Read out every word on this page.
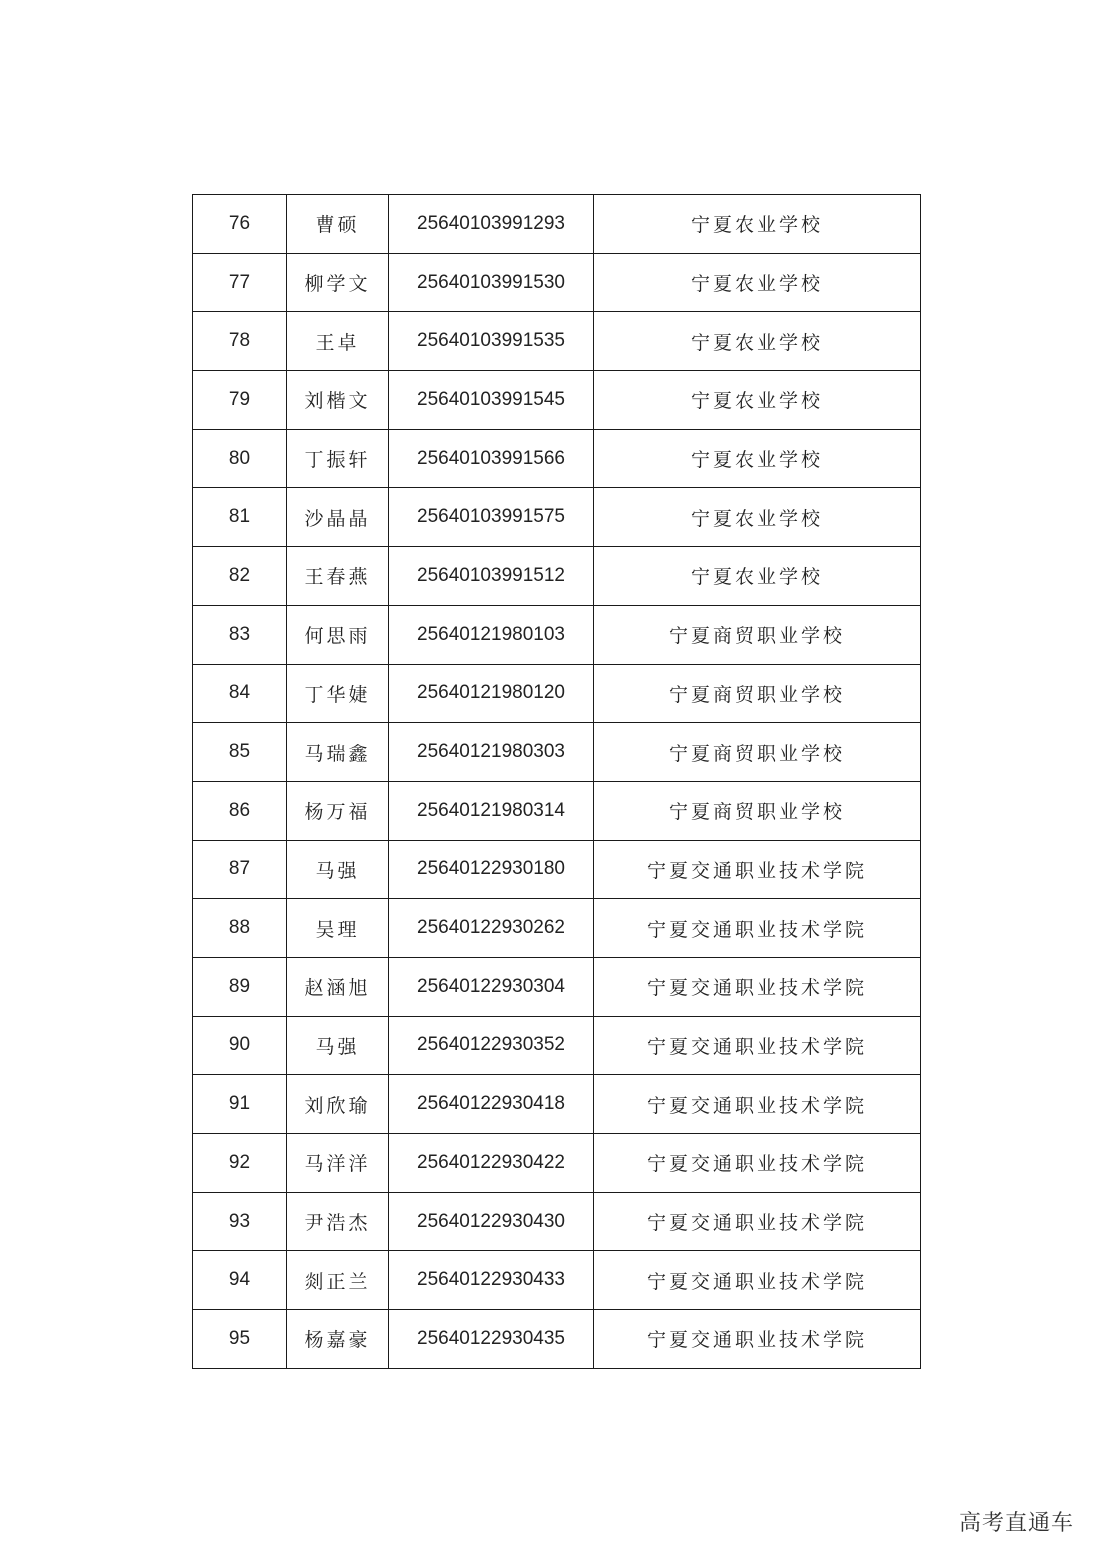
76	曹硕	25640103991293	宁夏农业学校
77	柳学文	25640103991530	宁夏农业学校
78	王卓	25640103991535	宁夏农业学校
79	刘楷文	25640103991545	宁夏农业学校
80	丁振轩	25640103991566	宁夏农业学校
81	沙晶晶	25640103991575	宁夏农业学校
82	王春燕	25640103991512	宁夏农业学校
83	何思雨	25640121980103	宁夏商贸职业学校
84	丁华婕	25640121980120	宁夏商贸职业学校
85	马瑞鑫	25640121980303	宁夏商贸职业学校
86	杨万福	25640121980314	宁夏商贸职业学校
87	马强	25640122930180	宁夏交通职业技术学院
88	吴理	25640122930262	宁夏交通职业技术学院
89	赵涵旭	25640122930304	宁夏交通职业技术学院
90	马强	25640122930352	宁夏交通职业技术学院
91	刘欣瑜	25640122930418	宁夏交通职业技术学院
92	马洋洋	25640122930422	宁夏交通职业技术学院
93	尹浩杰	25640122930430	宁夏交通职业技术学院
94	剡正兰	25640122930433	宁夏交通职业技术学院
95	杨嘉豪	25640122930435	宁夏交通职业技术学院
高考直通车
